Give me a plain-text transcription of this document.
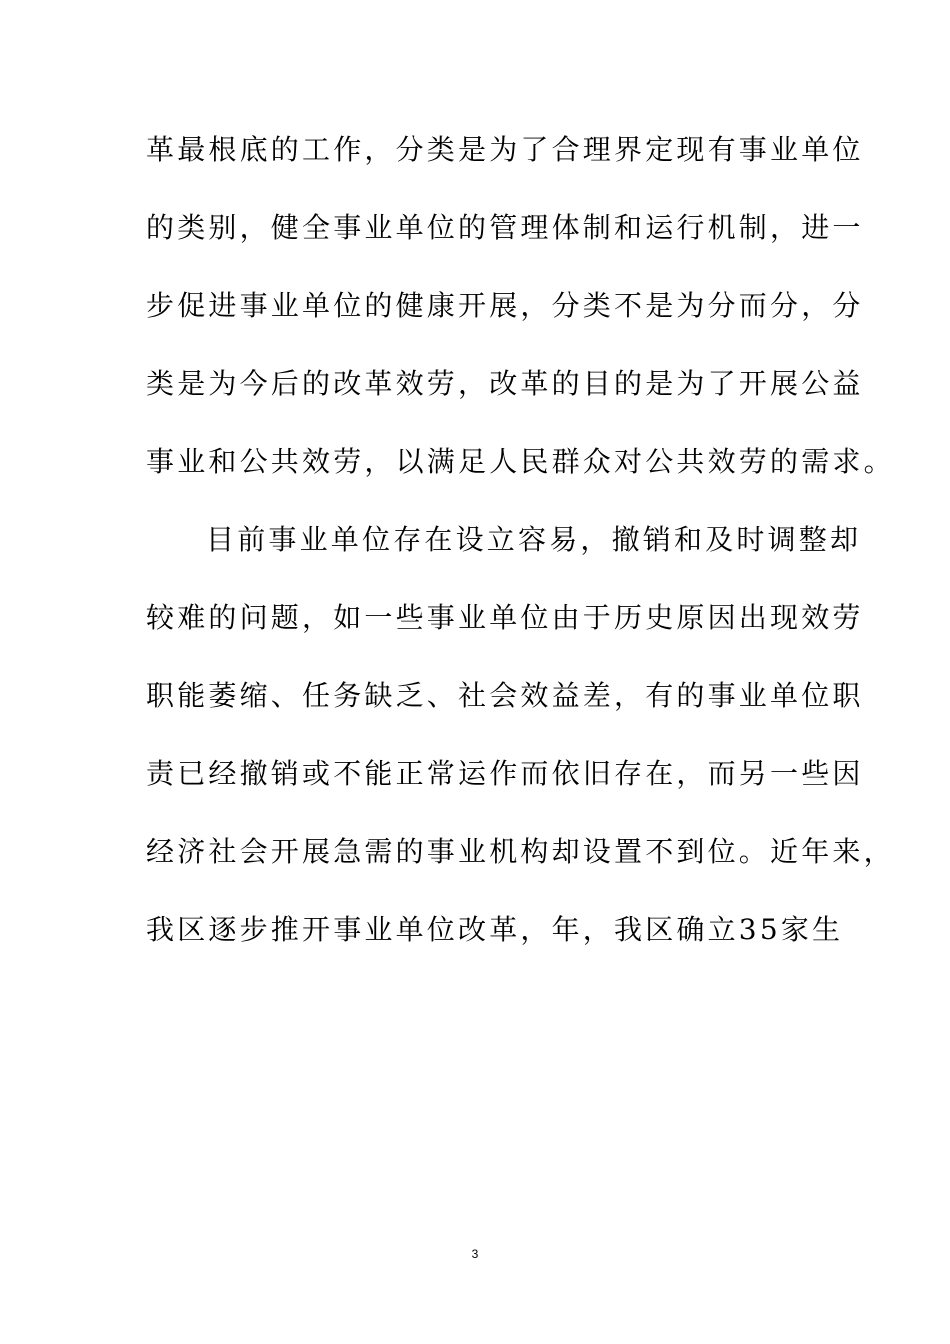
革最根底的工作，分类是为了合理界定现有事业单位
的类别，健全事业单位的管理体制和运行机制，进一
步促进事业单位的健康开展，分类不是为分而分，分
类是为今后的改革效劳，改革的目的是为了开展公益
事业和公共效劳，以满足人民群众对公共效劳的需求。
目前事业单位存在设立容易，撤销和及时调整却
较难的问题，如一些事业单位由于历史原因出现效劳
职能萎缩、任务缺乏、社会效益差，有的事业单位职
责已经撤销或不能正常运作而依旧存在，而另一些因
经济社会开展急需的事业机构却设置不到位。近年来，
我区逐步推开事业单位改革，年，我区确立35家生
3
